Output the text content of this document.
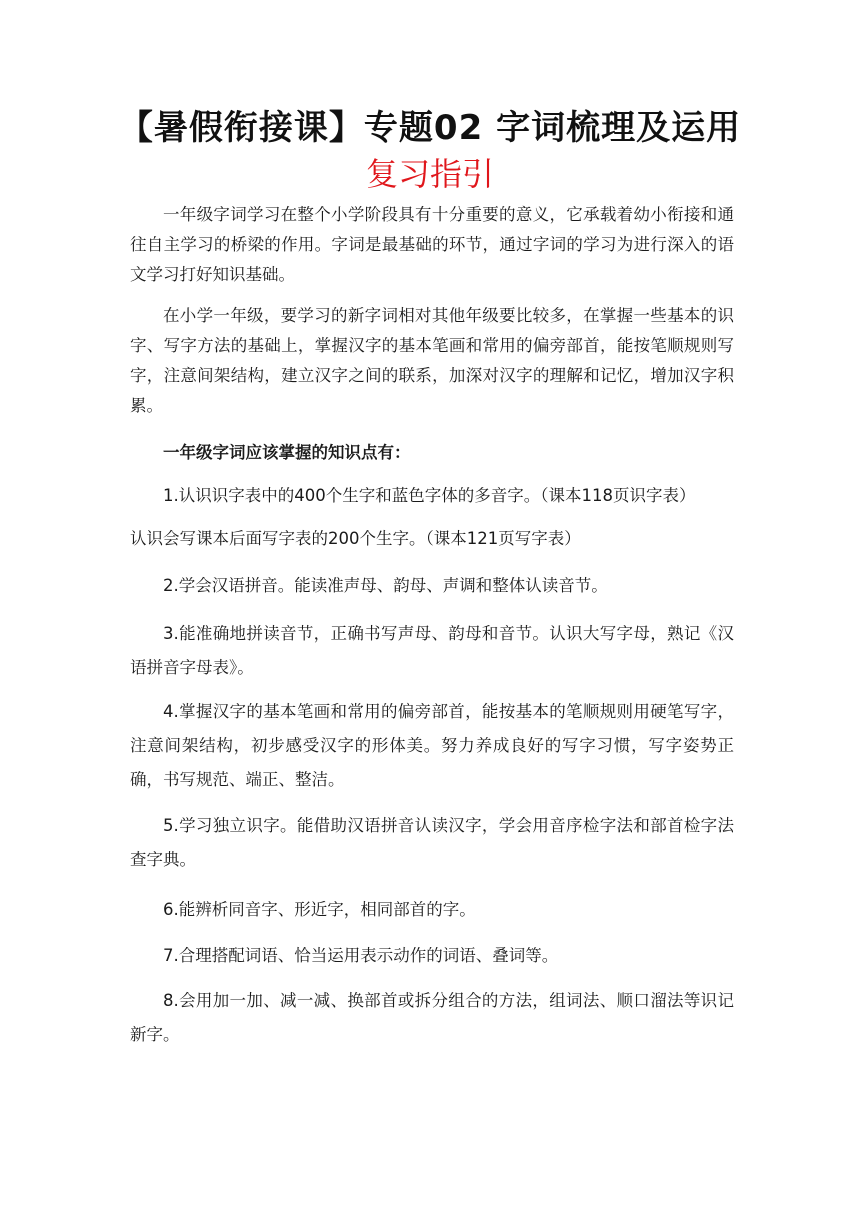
【暑假衔接课】专题02 字词梳理及运用
复习指引
一年级字词学习在整个小学阶段具有十分重要的意义，它承载着幼小衔接和通往自主学习的桥梁的作用。字词是最基础的环节，通过字词的学习为进行深入的语文学习打好知识基础。
在小学一年级，要学习的新字词相对其他年级要比较多，在掌握一些基本的识字、写字方法的基础上，掌握汉字的基本笔画和常用的偏旁部首，能按笔顺规则写字，注意间架结构，建立汉字之间的联系，加深对汉字的理解和记忆，增加汉字积累。
一年级字词应该掌握的知识点有：
1.认识识字表中的400个生字和蓝色字体的多音字。（课本118页识字表）
认识会写课本后面写字表的200个生字。（课本121页写字表）
2.学会汉语拼音。能读准声母、韵母、声调和整体认读音节。
3.能准确地拼读音节，正确书写声母、韵母和音节。认识大写字母，熟记《汉语拼音字母表》。
4.掌握汉字的基本笔画和常用的偏旁部首，能按基本的笔顺规则用硬笔写字，注意间架结构，初步感受汉字的形体美。努力养成良好的写字习惯，写字姿势正确，书写规范、端正、整洁。
5.学习独立识字。能借助汉语拼音认读汉字，学会用音序检字法和部首检字法查字典。
6.能辨析同音字、形近字，相同部首的字。
7.合理搭配词语、恰当运用表示动作的词语、叠词等。
8.会用加一加、减一减、换部首或拆分组合的方法，组词法、顺口溜法等识记新字。
